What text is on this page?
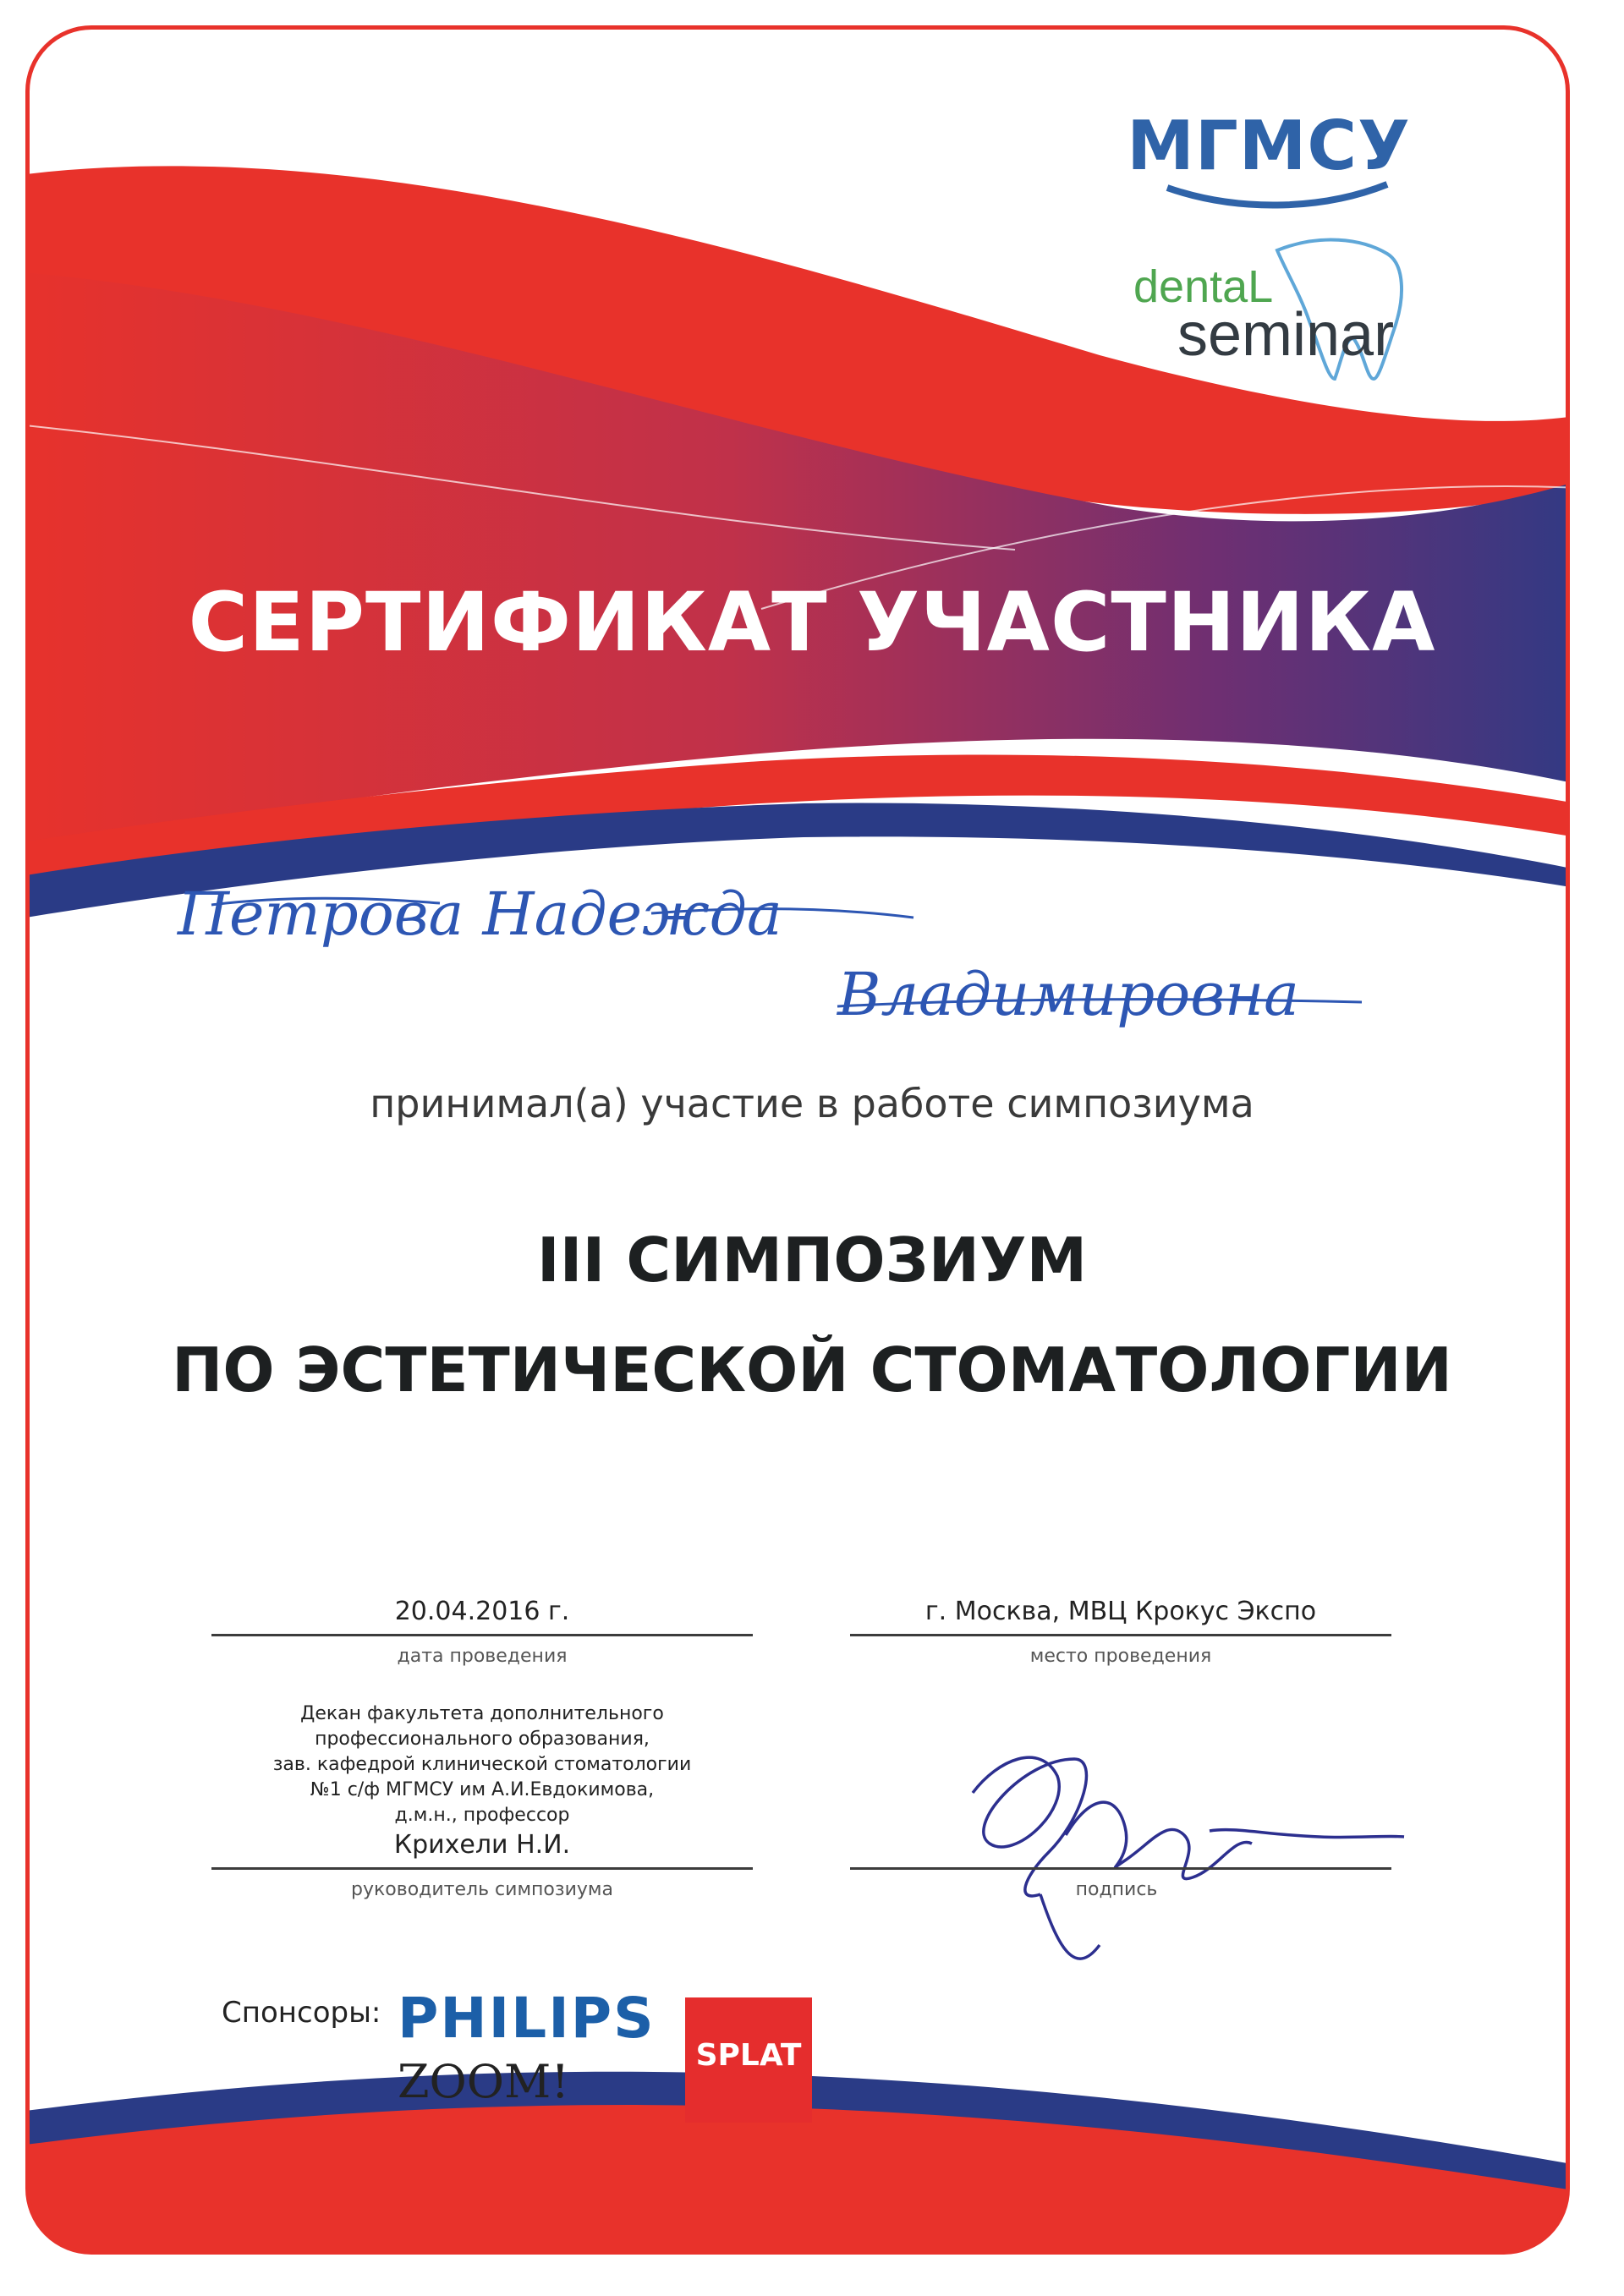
МГМСУ
dentaL
seminar
СЕРТИФИКАТ УЧАСТНИКА
Петрова Надежда
Владимировна
принимал(а) участие в работе симпозиума
III СИМПОЗИУМ
ПО ЭСТЕТИЧЕСКОЙ СТОМАТОЛОГИИ
20.04.2016 г.
дата проведения
г. Москва, МВЦ Крокус Экспо
место проведения
Декан факультета дополнительного
профессионального образования,
зав. кафедрой клинической стоматологии
№1 с/ф МГМСУ им А.И.Евдокимова,
д.м.н., профессор
Крихели Н.И.
руководитель симпозиума	подпись
Спонсоры: PHILIPS
ZOOM!	SPLAT
